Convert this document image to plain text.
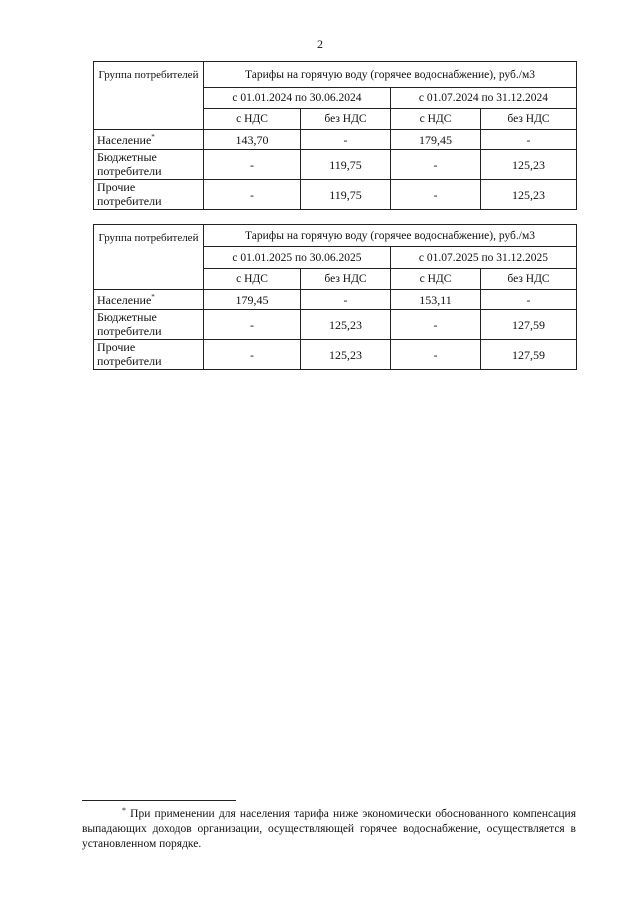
2
Группа потребителей	Тарифы на горячую воду (горячее водоснабжение), руб./м3			
	с 01.01.2024 по 30.06.2024		с 01.07.2024 по 31.12.2024	
	с НДС	без НДС	с НДС	без НДС
Население*	143,70	-	179,45	-
Бюджетные потребители	-	119,75	-	125,23
Прочие потребители	-	119,75	-	125,23
Группа потребителей	Тарифы на горячую воду (горячее водоснабжение), руб./м3			
	с 01.01.2025 по 30.06.2025		с 01.07.2025 по 31.12.2025	
	с НДС	без НДС	с НДС	без НДС
Население*	179,45	-	153,11	-
Бюджетные потребители	-	125,23	-	127,59
Прочие потребители	-	125,23	-	127,59
* При применении для населения тарифа ниже экономически обоснованного компенсация выпадающих доходов организации, осуществляющей горячее водоснабжение, осуществляется в установленном порядке.
